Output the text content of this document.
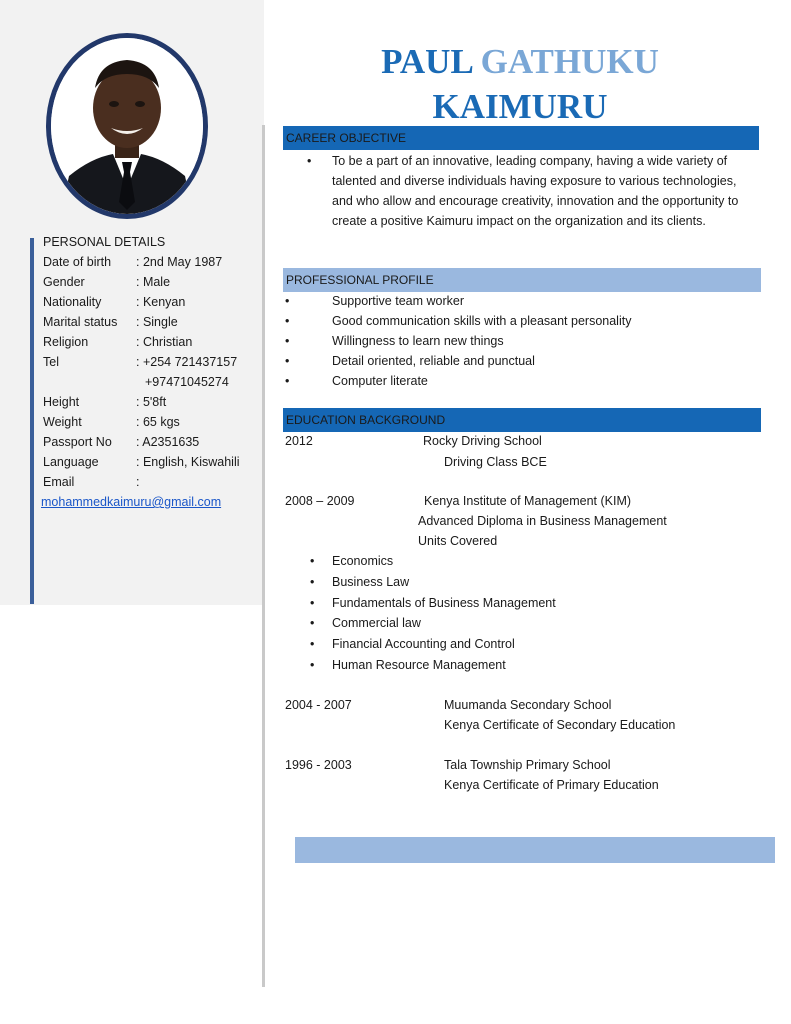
PERSONAL DETAILS
Date of birth	: 2nd May 1987
Gender	: Male
Nationality	: Kenyan
Marital status	: Single
Religion	: Christian
Tel	: +254 721437157
+97471045274
Height	: 5'8ft
Weight	: 65 kgs
Passport No	: A2351635
Language	: English, Kiswahili
Email	:
mohammedkaimuru@gmail.com
PAUL GATHUKU
KAIMURU
CAREER OBJECTIVE
• To be a part of an innovative, leading company, having a wide variety of talented and diverse individuals having exposure to various technologies, and who allow and encourage creativity, innovation and the opportunity to create a positive Kaimuru impact on the organization and its clients.
PROFESSIONAL PROFILE
•	Supportive team worker
•	Good communication skills with a pleasant personality
•	Willingness to learn new things
•	Detail oriented, reliable and punctual
•	Computer literate
EDUCATION BACKGROUND
2012	Rocky Driving School
Driving Class BCE
2008 – 2009	Kenya Institute of Management (KIM)
Advanced Diploma in Business Management
Units Covered
• Economics
• Business Law
• Fundamentals of Business Management
• Commercial law
• Financial Accounting and Control
• Human Resource Management
2004 - 2007	Muumanda Secondary School
Kenya Certificate of Secondary Education
1996 - 2003	Tala Township Primary School
Kenya Certificate of Primary Education
